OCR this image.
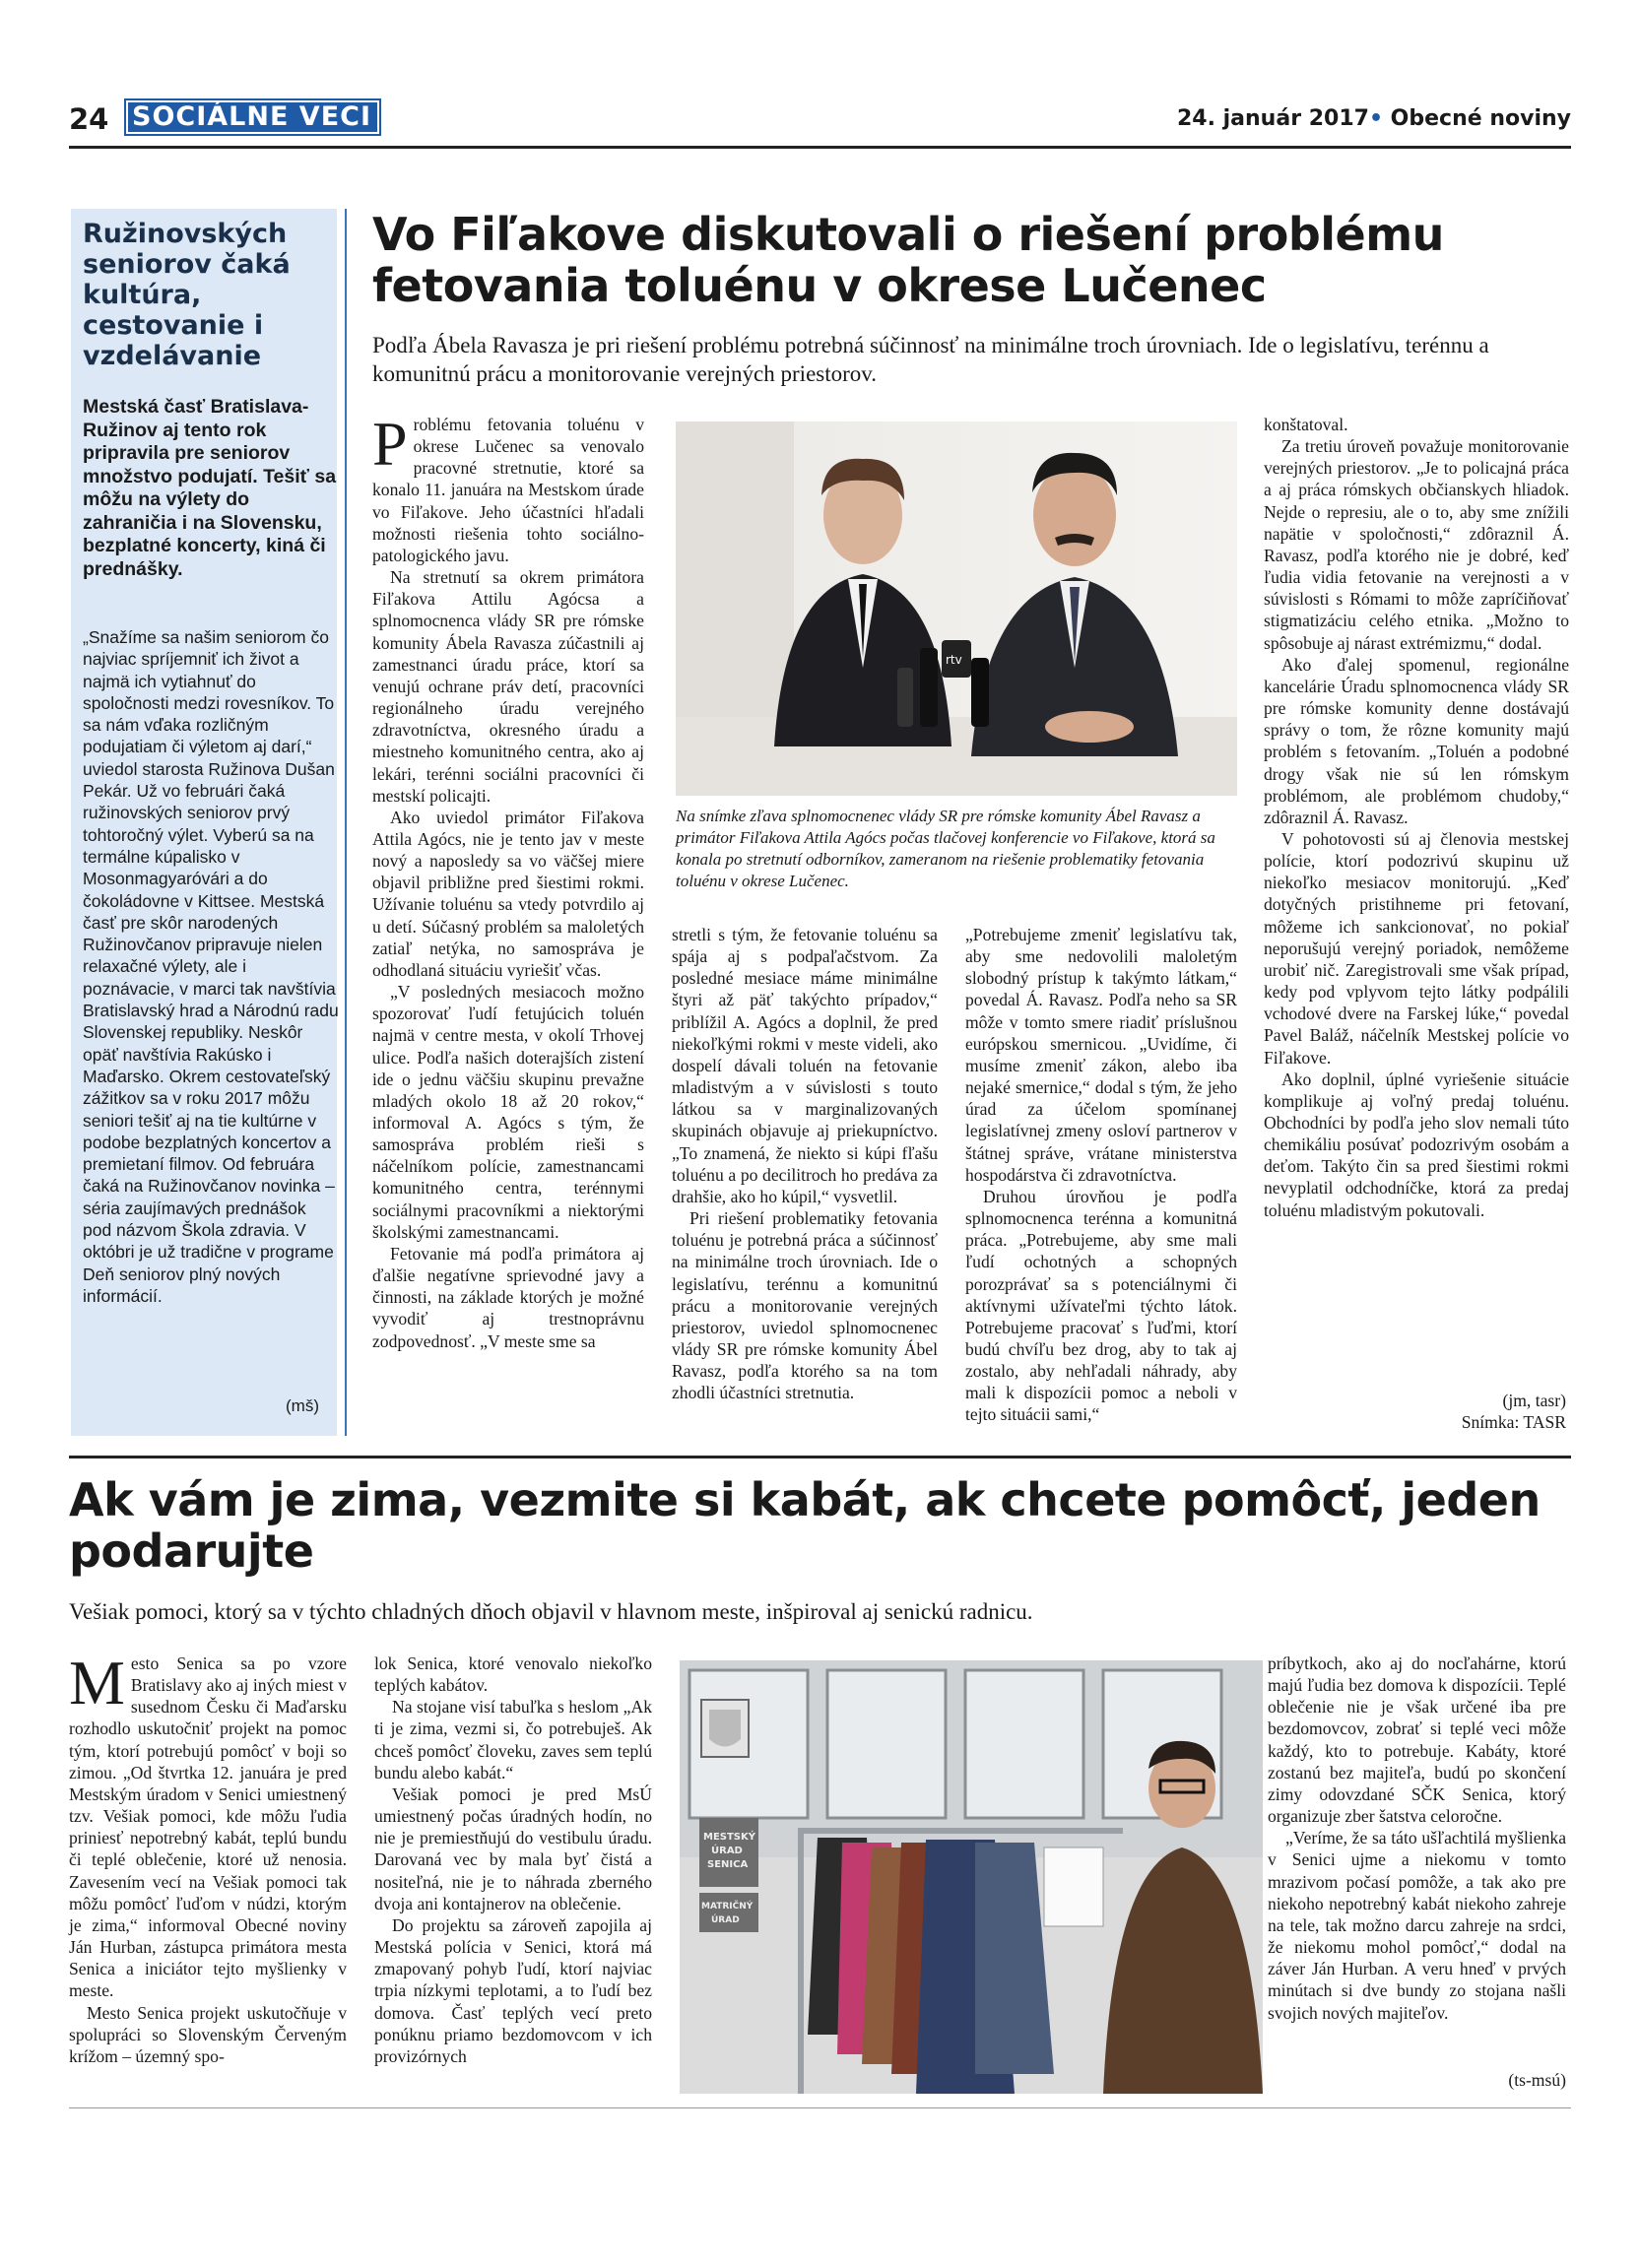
24 SOCIÁLNE VECI	24. január 2017• Obecné noviny
Ružinovských seniorov čaká kultúra, cestovanie i vzdelávanie
Mestská časť Bratislava-Ružinov aj tento rok pripravila pre seniorov množstvo podujatí. Tešiť sa môžu na výlety do zahraničia i na Slovensku, bezplatné koncerty, kiná či prednášky.
„Snažíme sa našim seniorom čo najviac spríjemniť ich život a najmä ich vytiahnuť do spoločnosti medzi rovesníkov. To sa nám vďaka rozličným podujatiam či výletom aj darí,“ uviedol starosta Ružinova Dušan Pekár. Už vo februári čaká ružinovských seniorov prvý tohtoročný výlet. Vyberú sa na termálne kúpalisko v Mosonmagyaróvári a do čokoládovne v Kittsee. Mestská časť pre skôr narodených Ružinovčanov pripravuje nielen relaxačné výlety, ale i poznávacie, v marci tak navštívia Bratislavský hrad a Národnú radu Slovenskej republiky. Neskôr opäť navštívia Rakúsko i Maďarsko. Okrem cestovateľský zážitkov sa v roku 2017 môžu seniori tešiť aj na tie kultúrne v podobe bezplatných koncertov a premietaní filmov. Od februára čaká na Ružinovčanov novinka – séria zaujímavých prednášok pod názvom Škola zdravia. V októbri je už tradične v programe Deň seniorov plný nových informácií.
(mš)
Vo Fiľakove diskutovali o riešení problému fetovania toluénu v okrese Lučenec
Podľa Ábela Ravasza je pri riešení problému potrebná súčinnosť na minimálne troch úrovniach. Ide o legislatívu, terénnu a komunitnú prácu a monitorovanie verejných priestorov.
P roblému fetovania toluénu v okrese Lučenec sa venovalo pracovné stretnutie, ktoré sa konalo 11. januára na Mestskom úrade vo Fiľakove. Jeho účastníci hľadali možnosti riešenia tohto sociálno-patologického javu.
Na stretnutí sa okrem primátora Fiľakova Attilu Agócsa a splnomocnenca vlády SR pre rómske komunity Ábela Ravasza zúčastnili aj zamestnanci úradu práce, ktorí sa venujú ochrane práv detí, pracovníci regionálneho úradu verejného zdravotníctva, okresného úradu a miestneho komunitného centra, ako aj lekári, terénni sociálni pracovníci či mestskí policajti.
Ako uviedol primátor Fiľakova Attila Agócs, nie je tento jav v meste nový a naposledy sa vo väčšej miere objavil približne pred šiestimi rokmi. Užívanie toluénu sa vtedy potvrdilo aj u detí. Súčasný problém sa maloletých zatiaľ netýka, no samospráva je odhodlaná situáciu vyriešiť včas.
„V posledných mesiacoch možno spozorovať ľudí fetujúcich toluén najmä v centre mesta, v okolí Trhovej ulice. Podľa našich doterajších zistení ide o jednu väčšiu skupinu prevažne mladých okolo 18 až 20 rokov,“ informoval A. Agócs s tým, že samospráva problém rieši s náčelníkom polície, zamestnancami komunitného centra, terénnymi sociálnymi pracovníkmi a niektorými školskými zamestnancami.
Fetovanie má podľa primátora aj ďalšie negatívne sprievodné javy a činnosti, na základe ktorých je možné vyvodiť aj trestnoprávnu zodpovednosť. „V meste sme sa
rtv
Na snímke zľava splnomocnenec vlády SR pre rómske komunity Ábel Ravasz a primátor Fiľakova Attila Agócs počas tlačovej konferencie vo Fiľakove, ktorá sa konala po stretnutí odborníkov, zameranom na riešenie problematiky fetovania toluénu v okrese Lučenec.
stretli s tým, že fetovanie toluénu sa spája aj s podpaľačstvom. Za posledné mesiace máme minimálne štyri až päť takýchto prípadov,“ priblížil A. Agócs a doplnil, že pred niekoľkými rokmi v meste videli, ako dospelí dávali toluén na fetovanie mladistvým a v súvislosti s touto látkou sa v marginalizovaných skupinách objavuje aj priekupníctvo. „To znamená, že niekto si kúpi fľašu toluénu a po decilitroch ho predáva za drahšie, ako ho kúpil,“ vysvetlil.
Pri riešení problematiky fetovania toluénu je potrebná práca a súčinnosť na minimálne troch úrovniach. Ide o legislatívu, terénnu a komunitnú prácu a monitorovanie verejných priestorov, uviedol splnomocnenec vlády SR pre rómske komunity Ábel Ravasz, podľa ktorého sa na tom zhodli účastníci stretnutia.
„Potrebujeme zmeniť legislatívu tak, aby sme nedovolili maloletým slobodný prístup k takýmto látkam,“ povedal Á. Ravasz. Podľa neho sa SR môže v tomto smere riadiť príslušnou európskou smernicou. „Uvidíme, či musíme zmeniť zákon, alebo iba nejaké smernice,“ dodal s tým, že jeho úrad za účelom spomínanej legislatívnej zmeny osloví partnerov v štátnej správe, vrátane ministerstva hospodárstva či zdravotníctva.
Druhou úrovňou je podľa splnomocnenca terénna a komunitná práca. „Potrebujeme, aby sme mali ľudí ochotných a schopných porozprávať sa s potenciálnymi či aktívnymi užívateľmi týchto látok. Potrebujeme pracovať s ľuďmi, ktorí budú chvíľu bez drog, aby to tak aj zostalo, aby nehľadali náhrady, aby mali k dispozícii pomoc a neboli v tejto situácii sami,“
konštatoval.
Za tretiu úroveň považuje monitorovanie verejných priestorov. „Je to policajná práca a aj práca rómskych občianskych hliadok. Nejde o represiu, ale o to, aby sme znížili napätie v spoločnosti,“ zdôraznil Á. Ravasz, podľa ktorého nie je dobré, keď ľudia vidia fetovanie na verejnosti a v súvislosti s Rómami to môže zapríčiňovať stigmatizáciu celého etnika. „Možno to spôsobuje aj nárast extrémizmu,“ dodal.
Ako ďalej spomenul, regionálne kancelárie Úradu splnomocnenca vlády SR pre rómske komunity denne dostávajú správy o tom, že rôzne komunity majú problém s fetovaním. „Toluén a podobné drogy však nie sú len rómskym problémom, ale problémom chudoby,“ zdôraznil Á. Ravasz.
V pohotovosti sú aj členovia mestskej polície, ktorí podozrivú skupinu už niekoľko mesiacov monitorujú. „Keď dotyčných pristihneme pri fetovaní, môžeme ich sankcionovať, no pokiaľ neporušujú verejný poriadok, nemôžeme urobiť nič. Zaregistrovali sme však prípad, kedy pod vplyvom tejto látky podpálili vchodové dvere na Farskej lúke,“ povedal Pavel Baláž, náčelník Mestskej polície vo Fiľakove.
Ako doplnil, úplné vyriešenie situácie komplikuje aj voľný predaj toluénu. Obchodníci by podľa jeho slov nemali túto chemikáliu posúvať podozrivým osobám a deťom. Takýto čin sa pred šiestimi rokmi nevyplatil odchodníčke, ktorá za predaj toluénu mladistvým pokutovali.
(jm, tasr)
Snímka: TASR
Ak vám je zima, vezmite si kabát, ak chcete pomôcť, jeden podarujte
Vešiak pomoci, ktorý sa v týchto chladných dňoch objavil v hlavnom meste, inšpiroval aj senickú radnicu.
M esto Senica sa po vzore Bratislavy ako aj iných miest v susednom Česku či Maďarsku rozhodlo uskutočniť projekt na pomoc tým, ktorí potrebujú pomôcť v boji so zimou. „Od štvrtka 12. januára je pred Mestským úradom v Senici umiestnený tzv. Vešiak pomoci, kde môžu ľudia priniesť nepotrebný kabát, teplú bundu či teplé oblečenie, ktoré už nenosia. Zavesením vecí na Vešiak pomoci tak môžu pomôcť ľuďom v núdzi, ktorým je zima,“ informoval Obecné noviny Ján Hurban, zástupca primátora mesta Senica a iniciátor tejto myšlienky v meste.
Mesto Senica projekt uskutočňuje v spolupráci so Slovenským Červeným krížom – územný spo-
lok Senica, ktoré venovalo niekoľko teplých kabátov.
Na stojane visí tabuľka s heslom „Ak ti je zima, vezmi si, čo potrebuješ. Ak chceš pomôcť človeku, zaves sem teplú bundu alebo kabát.“
Vešiak pomoci je pred MsÚ umiestnený počas úradných hodín, no nie je premiestňujú do vestibulu úradu. Darovaná vec by mala byť čistá a nositeľná, nie je to náhrada zberného dvoja ani kontajnerov na oblečenie.
Do projektu sa zároveň zapojila aj Mestská polícia v Senici, ktorá má zmapovaný pohyb ľudí, ktorí najviac trpia nízkymi teplotami, a to ľudí bez domova. Časť teplých vecí preto ponúknu priamo bezdomovcom v ich provizórnych
MESTSKÝ
ÚRAD
SENICA
MATRIČNÝ
ÚRAD
príbytkoch, ako aj do nocľahárne, ktorú majú ľudia bez domova k dispozícii. Teplé oblečenie nie je však určené iba pre bezdomovcov, zobrať si teplé veci môže každý, kto to potrebuje. Kabáty, ktoré zostanú bez majiteľa, budú po skončení zimy odovzdané SČK Senica, ktorý organizuje zber šatstva celoročne.
„Veríme, že sa táto ušľachtilá myšlienka v Senici ujme a niekomu v tomto mrazivom počasí pomôže, a tak ako pre niekoho nepotrebný kabát niekoho zahreje na tele, tak možno darcu zahreje na srdci, že niekomu mohol pomôcť,“ dodal na záver Ján Hurban. A veru hneď v prvých minútach si dve bundy zo stojana našli svojich nových majiteľov.
(ts-msú)
